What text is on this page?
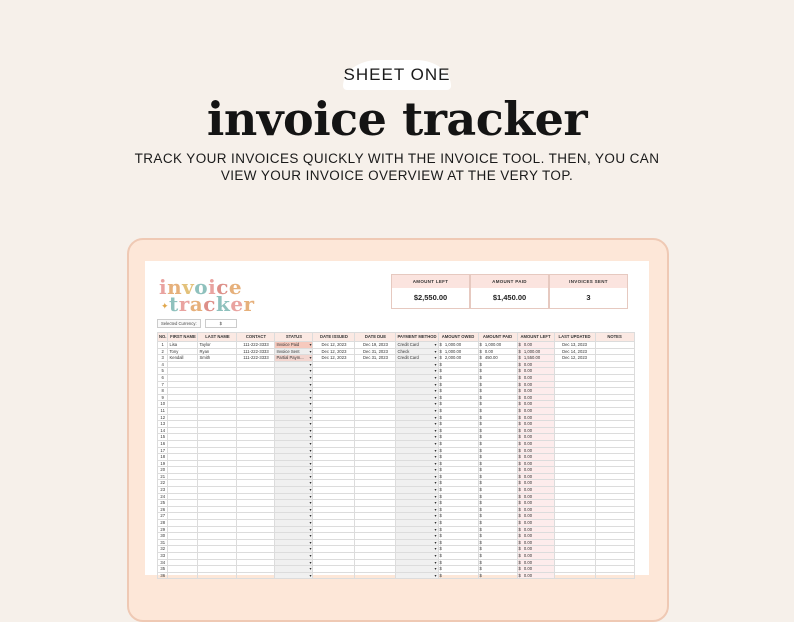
SHEET ONE
invoice tracker
TRACK YOUR INVOICES QUICKLY WITH THE INVOICE TOOL. THEN, YOU CAN
VIEW YOUR INVOICE OVERVIEW AT THE VERY TOP.
invoice
✦ tracker
Selected Currency:	$
AMOUNT LEFT
$2,550.00
AMOUNT PAID
$1,450.00
INVOICES SENT
3
NO.	FIRST NAME	LAST NAME	CONTACT	STATUS	DATE ISSUED	DATE DUE	PAYMENT METHOD	AMOUNT OWED	AMOUNT PAID	AMOUNT LEFT	LAST UPDATED	NOTES
1	Lisa	Taylor	111-222-3333	Invoice Paid ▾	Dec 12, 2023	Dec 19, 2023	Credit Card ▾	$ 1,000.00	$ 1,000.00	$ 0.00	Dec 13, 2023	
2	Tony	Ryan	111-222-3333	Invoice Sent ▾	Dec 12, 2023	Dec 31, 2023	Check ▾	$ 1,000.00	$ 0.00	$ 1,000.00	Dec 14, 2023	
3	Kendall	Smith	111-222-3333	Partial Paym... ▾	Dec 12, 2023	Dec 31, 2023	Credit Card ▾	$ 2,000.00	$ 450.00	$ 1,550.00	Dec 12, 2023	
4				▾			▾	$	$	$ 0.00		
5				▾			▾	$	$	$ 0.00		
6				▾			▾	$	$	$ 0.00		
7				▾			▾	$	$	$ 0.00		
8				▾			▾	$	$	$ 0.00		
9				▾			▾	$	$	$ 0.00		
10				▾			▾	$	$	$ 0.00		
11				▾			▾	$	$	$ 0.00		
12				▾			▾	$	$	$ 0.00		
13				▾			▾	$	$	$ 0.00		
14				▾			▾	$	$	$ 0.00		
15				▾			▾	$	$	$ 0.00		
16				▾			▾	$	$	$ 0.00		
17				▾			▾	$	$	$ 0.00		
18				▾			▾	$	$	$ 0.00		
19				▾			▾	$	$	$ 0.00		
20				▾			▾	$	$	$ 0.00		
21				▾			▾	$	$	$ 0.00		
22				▾			▾	$	$	$ 0.00		
23				▾			▾	$	$	$ 0.00		
24				▾			▾	$	$	$ 0.00		
25				▾			▾	$	$	$ 0.00		
26				▾			▾	$	$	$ 0.00		
27				▾			▾	$	$	$ 0.00		
28				▾			▾	$	$	$ 0.00		
29				▾			▾	$	$	$ 0.00		
30				▾			▾	$	$	$ 0.00		
31				▾			▾	$	$	$ 0.00		
32				▾			▾	$	$	$ 0.00		
33				▾			▾	$	$	$ 0.00		
34				▾			▾	$	$	$ 0.00		
35				▾			▾	$	$	$ 0.00		
36				▾			▾	$	$	$ 0.00		
